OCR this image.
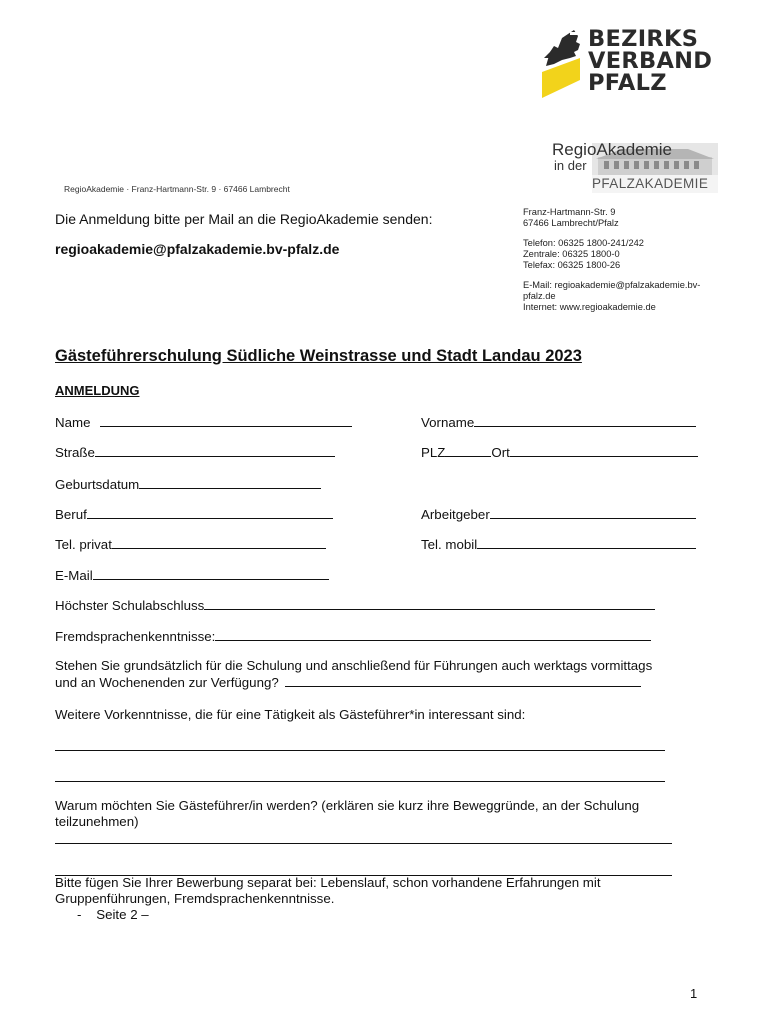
BEZIRKS
VERBAND
PFALZ
RegioAkademie
in der
PFALZAKADEMIE
RegioAkademie · Franz-Hartmann-Str. 9 · 67466 Lambrecht
Die Anmeldung bitte per Mail an die RegioAkademie senden:
regioakademie@pfalzakademie.bv-pfalz.de
Franz-Hartmann-Str. 9
67466 Lambrecht/Pfalz
Telefon: 06325 1800-241/242
Zentrale: 06325 1800-0
Telefax: 06325 1800-26
E-Mail: regioakademie@pfalzakademie.bv-
pfalz.de
Internet: www.regioakademie.de
Gästeführerschulung Südliche Weinstrasse und Stadt Landau 2023
ANMELDUNG
Name	Vorname
Straße	PLZ	Ort
Geburtsdatum
Beruf	Arbeitgeber
Tel. privat	Tel. mobil
E-Mail
Höchster Schulabschluss
Fremdsprachenkenntnisse:
Stehen Sie grundsätzlich für die Schulung und anschließend für Führungen auch werktags vormittags
und an Wochenenden zur Verfügung?
Weitere Vorkenntnisse, die für eine Tätigkeit als Gästeführer*in interessant sind:
Warum möchten Sie Gästeführer/in werden? (erklären sie kurz ihre Beweggründe, an der Schulung
teilzunehmen)
Bitte fügen Sie Ihrer Bewerbung separat bei: Lebenslauf, schon vorhandene Erfahrungen mit
Gruppenführungen, Fremdsprachenkenntnisse.
-    Seite 2 –
1
